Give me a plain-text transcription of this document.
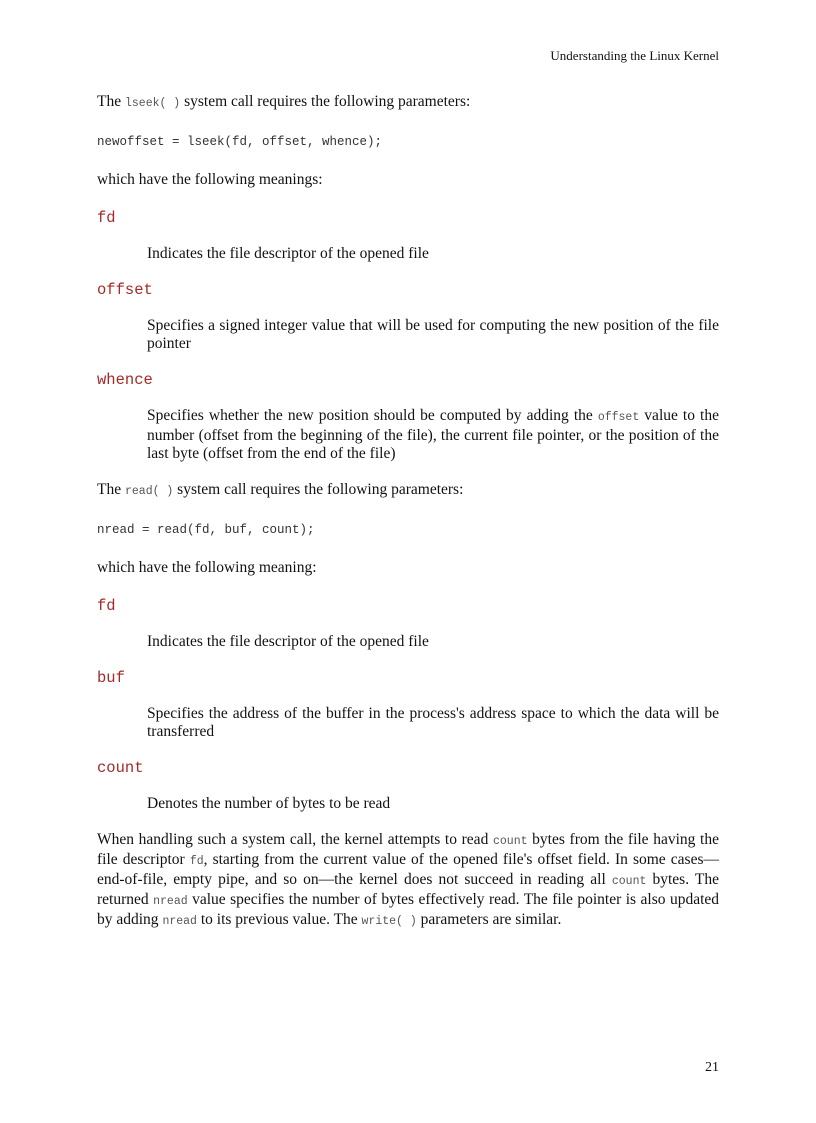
Understanding the Linux Kernel

The lseek( ) system call requires the following parameters:

newoffset = lseek(fd, offset, whence);

which have the following meanings:

fd
Indicates the file descriptor of the opened file
offset
Specifies a signed integer value that will be used for computing the new position of the file pointer
whence
Specifies whether the new position should be computed by adding the offset value to the number (offset from the beginning of the file), the current file pointer, or the position of the last byte (offset from the end of the file)

The read( ) system call requires the following parameters:

nread = read(fd, buf, count);

which have the following meaning:

fd
Indicates the file descriptor of the opened file
buf
Specifies the address of the buffer in the process's address space to which the data will be transferred
count
Denotes the number of bytes to be read

When handling such a system call, the kernel attempts to read count bytes from the file having the file descriptor fd, starting from the current value of the opened file's offset field. In some cases—end-of-file, empty pipe, and so on—the kernel does not succeed in reading all count bytes. The returned nread value specifies the number of bytes effectively read. The file pointer is also updated by adding nread to its previous value. The write( ) parameters are similar.

21
